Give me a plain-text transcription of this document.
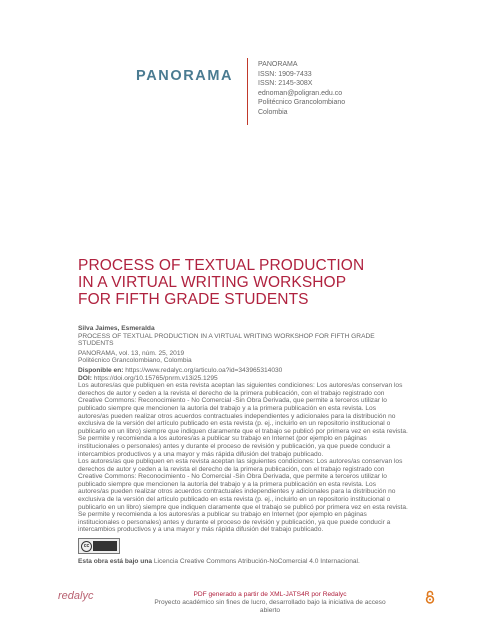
PANORAMA
PANORAMA
ISSN: 1909-7433
ISSN: 2145-308X
ednoman@poligran.edu.co
Politécnico Grancolombiano
Colombia
PROCESS OF TEXTUAL PRODUCTION
IN A VIRTUAL WRITING WORKSHOP
FOR FIFTH GRADE STUDENTS
Silva Jaimes, Esmeralda
PROCESS OF TEXTUAL PRODUCTION IN A VIRTUAL WRITING WORKSHOP FOR FIFTH GRADE STUDENTS
PANORAMA, vol. 13, núm. 25, 2019
Politécnico Grancolombiano, Colombia
Disponible en: https://www.redalyc.org/articulo.oa?id=343965314030
DOI: https://doi.org/10.15765/pnrm.v13i25.1295
Los autores/as que publiquen en esta revista aceptan las siguientes condiciones: Los autores/as conservan los derechos de autor y ceden a la revista el derecho de la primera publicación, con el trabajo registrado con Creative Commons: Reconocimiento - No Comercial -Sin Obra Derivada, que permite a terceros utilizar lo publicado siempre que mencionen la autoría del trabajo y a la primera publicación en esta revista. Los autores/as pueden realizar otros acuerdos contractuales independientes y adicionales para la distribución no exclusiva de la versión del artículo publicado en esta revista (p. ej., incluirlo en un repositorio institucional o publicarlo en un libro) siempre que indiquen claramente que el trabajo se publicó por primera vez en esta revista. Se permite y recomienda a los autores/as a publicar su trabajo en Internet (por ejemplo en páginas institucionales o personales) antes y durante el proceso de revisión y publicación, ya que puede conducir a intercambios productivos y a una mayor y más rápida difusión del trabajo publicado.
Los autores/as que publiquen en esta revista aceptan las siguientes condiciones: Los autores/as conservan los derechos de autor y ceden a la revista el derecho de la primera publicación, con el trabajo registrado con Creative Commons: Reconocimiento - No Comercial -Sin Obra Derivada, que permite a terceros utilizar lo publicado siempre que mencionen la autoría del trabajo y a la primera publicación en esta revista. Los autores/as pueden realizar otros acuerdos contractuales independientes y adicionales para la distribución no exclusiva de la versión del artículo publicado en esta revista (p. ej., incluirlo en un repositorio institucional o publicarlo en un libro) siempre que indiquen claramente que el trabajo se publicó por primera vez en esta revista. Se permite y recomienda a los autores/as a publicar su trabajo en Internet (por ejemplo en páginas institucionales o personales) antes y durante el proceso de revisión y publicación, ya que puede conducir a intercambios productivos y a una mayor y más rápida difusión del trabajo publicado.
cc
Esta obra está bajo una Licencia Creative Commons Atribución-NoComercial 4.0 Internacional.
redalyc	PDF generado a partir de XML-JATS4R por Redalyc
Proyecto académico sin fines de lucro, desarrollado bajo la iniciativa de acceso abierto
